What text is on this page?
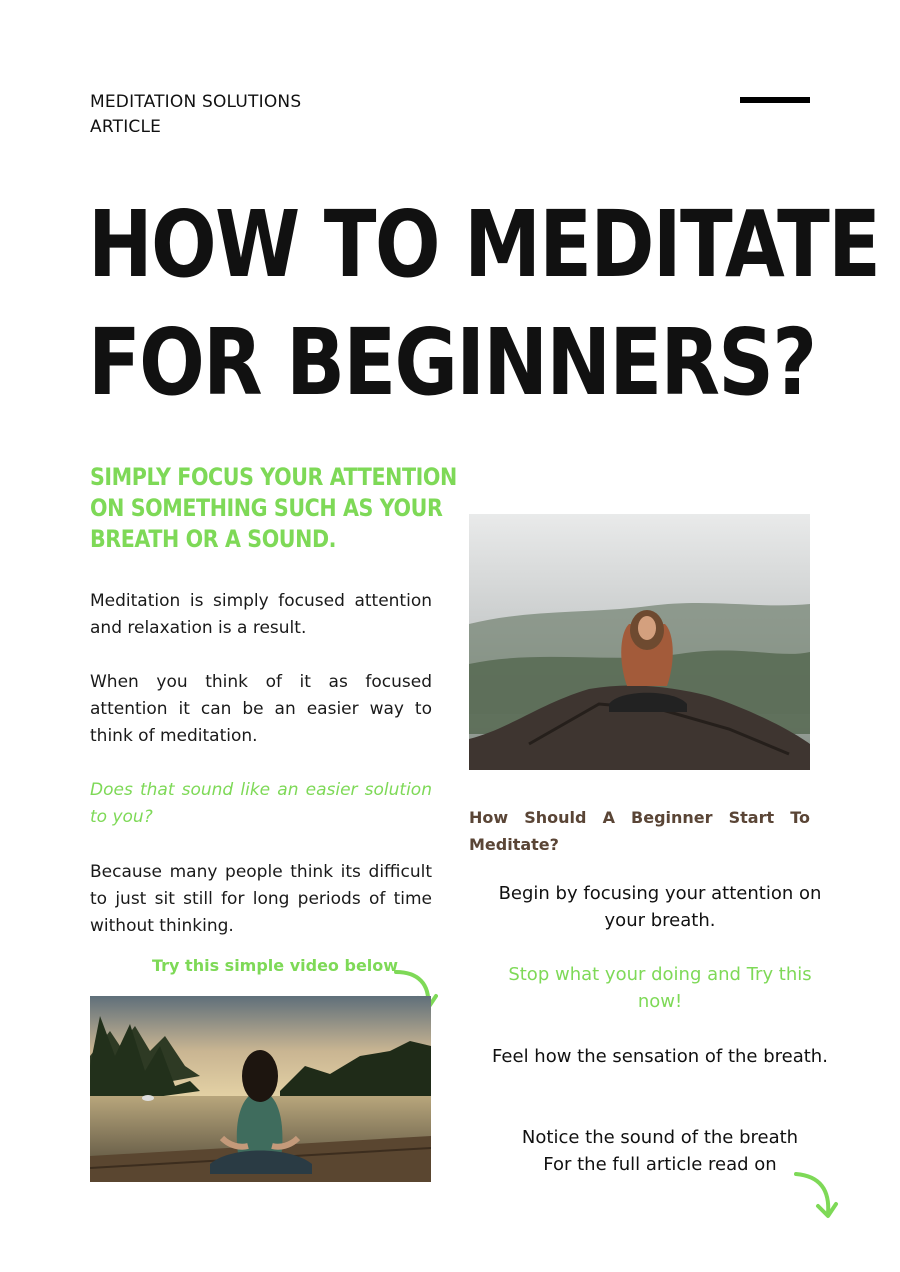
MEDITATION SOLUTIONS
ARTICLE
HOW TO MEDITATE
FOR BEGINNERS?
SIMPLY FOCUS YOUR ATTENTION
ON SOMETHING SUCH AS YOUR
BREATH OR A SOUND.
Meditation is simply focused attention and relaxation is a result.
When you think of it as focused attention it can be an easier way to think of meditation.
Does that sound like an easier solution to you?
Because many people think its difficult to just sit still for long periods of time without thinking.
Try this simple video below
How Should A Beginner Start To Meditate?
Begin by focusing your attention on your breath.
Stop what your doing and Try this now!
Feel how the sensation of the breath.
Notice the sound of the breath
For the full article read on
